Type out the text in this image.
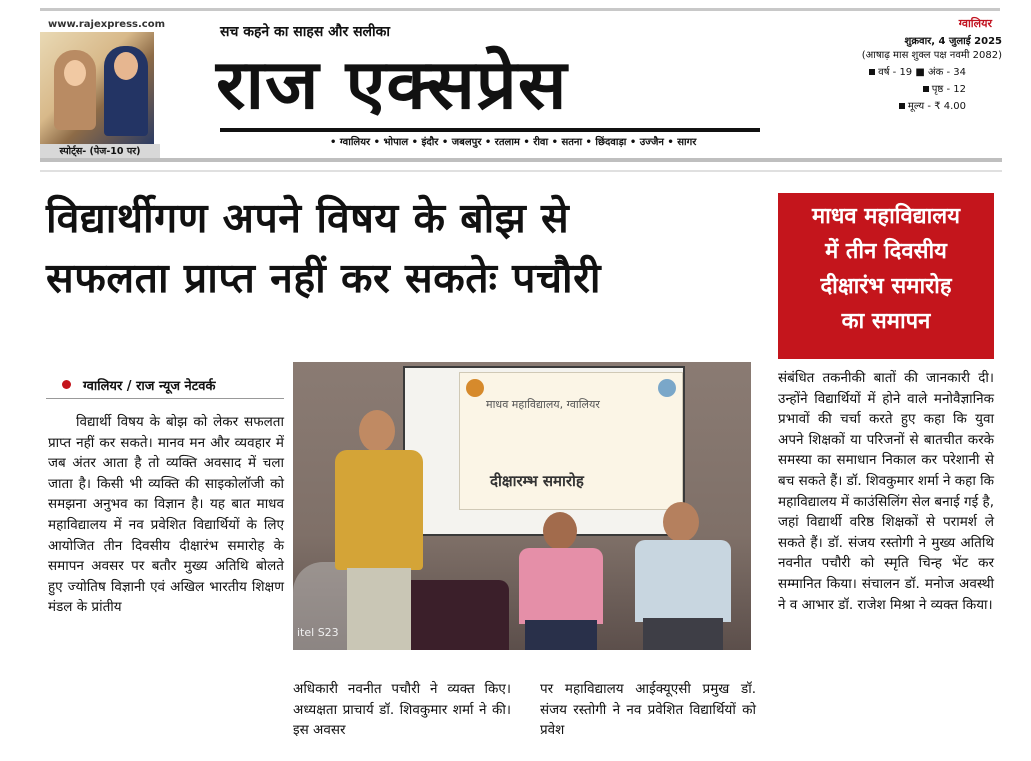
www.rajexpress.com
स्पोर्ट्स- (पेज-10 पर)
सच कहने का साहस और सलीका
राज एक्सप्रेस
• ग्वालियर • भोपाल • इंदौर • जबलपुर • रतलाम • रीवा • सतना • छिंदवाड़ा • उज्जैन • सागर
ग्वालियर
शुक्रवार, 4 जुलाई 2025
(आषाढ़ मास शुक्ल पक्ष नवमी 2082)
वर्ष - 19 ■ अंक - 34
पृष्ठ - 12
मूल्य - ₹ 4.00
विद्यार्थीगण अपने विषय के बोझ से
सफलता प्राप्त नहीं कर सकतेः पचौरी
माधव महाविद्यालय
में तीन दिवसीय
दीक्षारंभ समारोह
का समापन
ग्वालियर / राज न्यूज नेटवर्क

विद्यार्थी विषय के बोझ को लेकर सफलता प्राप्त नहीं कर सकते। मानव मन और व्यवहार में जब अंतर आता है तो व्यक्ति अवसाद में चला जाता है। किसी भी व्यक्ति की साइकोलॉजी को समझना अनुभव का विज्ञान है। यह बात माधव महाविद्यालय में नव प्रवेशित विद्यार्थियों के लिए आयोजित तीन दिवसीय दीक्षारंभ समारोह के समापन अवसर पर बतौर मुख्य अतिथि बोलते हुए ज्योतिष विज्ञानी एवं अखिल भारतीय शिक्षण मंडल के प्रांतीय

माधव महाविद्यालय, ग्वालियर
दीक्षारम्भ समारोह
itel S23

अधिकारी नवनीत पचौरी ने व्यक्त किए। अध्यक्षता प्राचार्य डॉ. शिवकुमार शर्मा ने की। इस अवसर

पर महाविद्यालय आईक्यूएसी प्रमुख डॉ. संजय रस्तोगी ने नव प्रवेशित विद्यार्थियों को प्रवेश

संबंधित तकनीकी बातों की जानकारी दी। उन्होंने विद्यार्थियों में होने वाले मनोवैज्ञानिक प्रभावों की चर्चा करते हुए कहा कि युवा अपने शिक्षकों या परिजनों से बातचीत करके समस्या का समाधान निकाल कर परेशानी से बच सकते हैं। डॉ. शिवकुमार शर्मा ने कहा कि महाविद्यालय में काउंसिलिंग सेल बनाई गई है, जहां विद्यार्थी वरिष्ठ शिक्षकों से परामर्श ले सकते हैं। डॉ. संजय रस्तोगी ने मुख्य अतिथि नवनीत पचौरी को स्मृति चिन्ह भेंट कर सम्मानित किया। संचालन डॉ. मनोज अवस्थी ने व आभार डॉ. राजेश मिश्रा ने व्यक्त किया।
